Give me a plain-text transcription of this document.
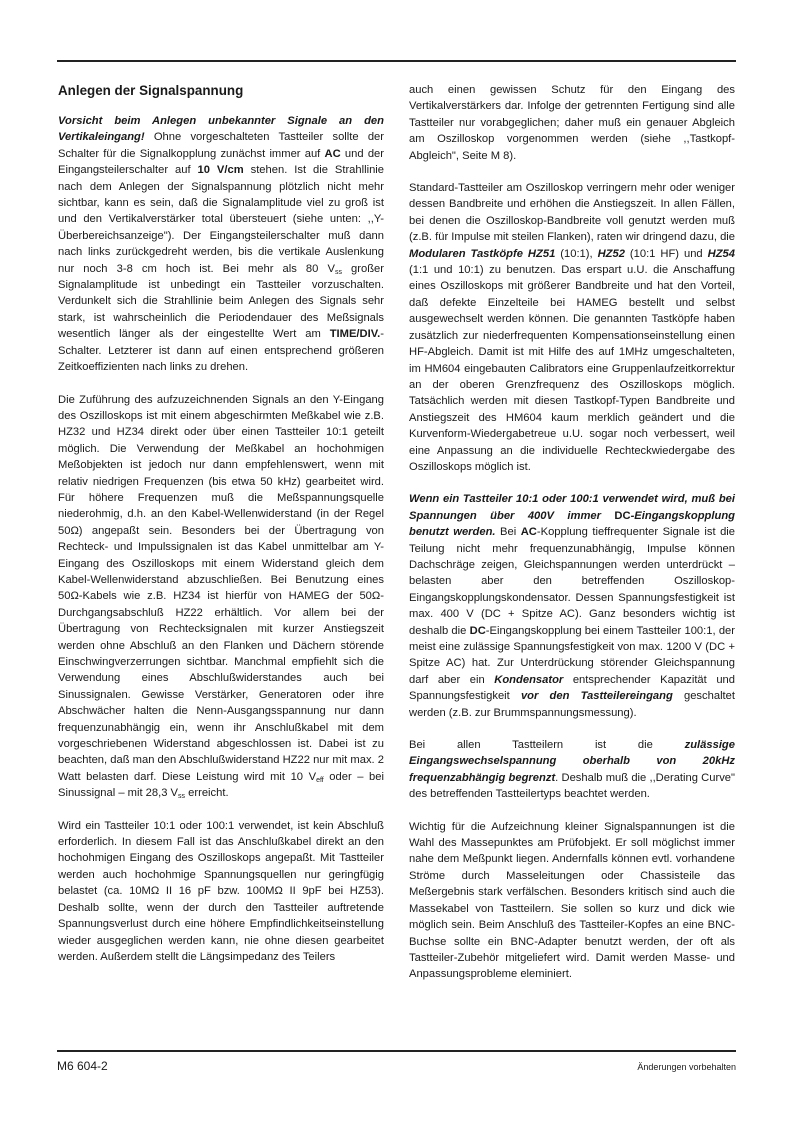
Anlegen der Signalspannung

Vorsicht beim Anlegen unbekannter Signale an den Vertikaleingang! Ohne vorgeschalteten Tastteiler sollte der Schalter für die Signalkopplung zunächst immer auf AC und der Eingangsteilerschalter auf 10 V/cm stehen. Ist die Strahllinie nach dem Anlegen der Signalspannung plötzlich nicht mehr sichtbar, kann es sein, daß die Signalamplitude viel zu groß ist und den Vertikalverstärker total übersteuert (siehe unten: ,,Y-Überbereichsanzeige"). Der Eingangsteilerschalter muß dann nach links zurückgedreht werden, bis die vertikale Auslenkung nur noch 3-8 cm hoch ist. Bei mehr als 80 $V_{ss}$ großer Signalamplitude ist unbedingt ein Tastteiler vorzuschalten. Verdunkelt sich die Strahllinie beim Anlegen des Signals sehr stark, ist wahrscheinlich die Periodendauer des Meßsignals wesentlich länger als der eingestellte Wert am TIME/DIV.-Schalter. Letzterer ist dann auf einen entsprechend größeren Zeitkoeffizienten nach links zu drehen.

Die Zuführung des aufzuzeichnenden Signals an den Y-Eingang des Oszilloskops ist mit einem abgeschirmten Meßkabel wie z.B. HZ32 und HZ34 direkt oder über einen Tastteiler 10:1 geteilt möglich. Die Verwendung der Meßkabel an hochohmigen Meßobjekten ist jedoch nur dann empfehlenswert, wenn mit relativ niedrigen Frequenzen (bis etwa 50 kHz) gearbeitet wird. Für höhere Frequenzen muß die Meßspannungsquelle niederohmig, d.h. an den Kabel-Wellenwiderstand (in der Regel 50Ω) angepaßt sein. Besonders bei der Übertragung von Rechteck- und Impulssignalen ist das Kabel unmittelbar am Y-Eingang des Oszilloskops mit einem Widerstand gleich dem Kabel-Wellenwiderstand abzuschließen. Bei Benutzung eines 50Ω-Kabels wie z.B. HZ34 ist hierfür von HAMEG der 50Ω-Durchgangsabschluß HZ22 erhältlich. Vor allem bei der Übertragung von Rechtecksignalen mit kurzer Anstiegszeit werden ohne Abschluß an den Flanken und Dächern störende Einschwingverzerrungen sichtbar. Manchmal empfiehlt sich die Verwendung eines Abschlußwiderstandes auch bei Sinussignalen. Gewisse Verstärker, Generatoren oder ihre Abschwächer halten die Nenn-Ausgangsspannung nur dann frequenzunabhängig ein, wenn ihr Anschlußkabel mit dem vorgeschriebenen Widerstand abgeschlossen ist. Dabei ist zu beachten, daß man den Abschlußwiderstand HZ22 nur mit max. 2 Watt belasten darf. Diese Leistung wird mit 10 $V_{eff}$ oder – bei Sinussignal – mit 28,3 $V_{ss}$ erreicht.

Wird ein Tastteiler 10:1 oder 100:1 verwendet, ist kein Abschluß erforderlich. In diesem Fall ist das Anschlußkabel direkt an den hochohmigen Eingang des Oszilloskops angepaßt. Mit Tastteiler werden auch hochohmige Spannungsquellen nur geringfügig belastet (ca. 10MΩ II 16 pF bzw. 100MΩ II 9pF bei HZ53). Deshalb sollte, wenn der durch den Tastteiler auftretende Spannungsverlust durch eine höhere Empfindlichkeitseinstellung wieder ausgeglichen werden kann, nie ohne diesen gearbeitet werden. Außerdem stellt die Längsimpedanz des Teilers

auch einen gewissen Schutz für den Eingang des Vertikalverstärkers dar. Infolge der getrennten Fertigung sind alle Tastteiler nur vorabgeglichen; daher muß ein genauer Abgleich am Oszilloskop vorgenommen werden (siehe ,,Tastkopf-Abgleich", Seite M 8).

Standard-Tastteiler am Oszilloskop verringern mehr oder weniger dessen Bandbreite und erhöhen die Anstiegszeit. In allen Fällen, bei denen die Oszilloskop-Bandbreite voll genutzt werden muß (z.B. für Impulse mit steilen Flanken), raten wir dringend dazu, die Modularen Tastköpfe HZ51 (10:1), HZ52 (10:1 HF) und HZ54 (1:1 und 10:1) zu benutzen. Das erspart u.U. die Anschaffung eines Oszilloskops mit größerer Bandbreite und hat den Vorteil, daß defekte Einzelteile bei HAMEG bestellt und selbst ausgewechselt werden können. Die genannten Tastköpfe haben zusätzlich zur niederfrequenten Kompensationseinstellung einen HF-Abgleich. Damit ist mit Hilfe des auf 1MHz umgeschalteten, im HM604 eingebauten Calibrators eine Gruppenlaufzeitkorrektur an der oberen Grenzfrequenz des Oszilloskops möglich. Tatsächlich werden mit diesen Tastkopf-Typen Bandbreite und Anstiegszeit des HM604 kaum merklich geändert und die Kurvenform-Wiedergabetreue u.U. sogar noch verbessert, weil eine Anpassung an die individuelle Rechteckwiedergabe des Oszilloskops möglich ist.

Wenn ein Tastteiler 10:1 oder 100:1 verwendet wird, muß bei Spannungen über 400V immer DC-Eingangskopplung benutzt werden. Bei AC-Kopplung tieffrequenter Signale ist die Teilung nicht mehr frequenzunabhängig, Impulse können Dachschräge zeigen, Gleichspannungen werden unterdrückt – belasten aber den betreffenden Oszilloskop-Eingangskopplungskondensator. Dessen Spannungsfestigkeit ist max. 400 V (DC + Spitze AC). Ganz besonders wichtig ist deshalb die DC-Eingangskopplung bei einem Tastteiler 100:1, der meist eine zulässige Spannungsfestigkeit von max. 1200 V (DC + Spitze AC) hat. Zur Unterdrückung störender Gleichspannung darf aber ein Kondensator entsprechender Kapazität und Spannungsfestigkeit vor den Tastteilereingang geschaltet werden (z.B. zur Brummspannungsmessung).

Bei allen Tastteilern ist die zulässige Eingangswechselspannung oberhalb von 20kHz frequenzabhängig begrenzt. Deshalb muß die ,,Derating Curve" des betreffenden Tastteilertyps beachtet werden.

Wichtig für die Aufzeichnung kleiner Signalspannungen ist die Wahl des Massepunktes am Prüfobjekt. Er soll möglichst immer nahe dem Meßpunkt liegen. Andernfalls können evtl. vorhandene Ströme durch Masseleitungen oder Chassisteile das Meßergebnis stark verfälschen. Besonders kritisch sind auch die Massekabel von Tastteilern. Sie sollen so kurz und dick wie möglich sein. Beim Anschluß des Tastteiler-Kopfes an eine BNC-Buchse sollte ein BNC-Adapter benutzt werden, der oft als Tastteiler-Zubehör mitgeliefert wird. Damit werden Masse- und Anpassungsprobleme eleminiert.

M6 604-2	Änderungen vorbehalten
